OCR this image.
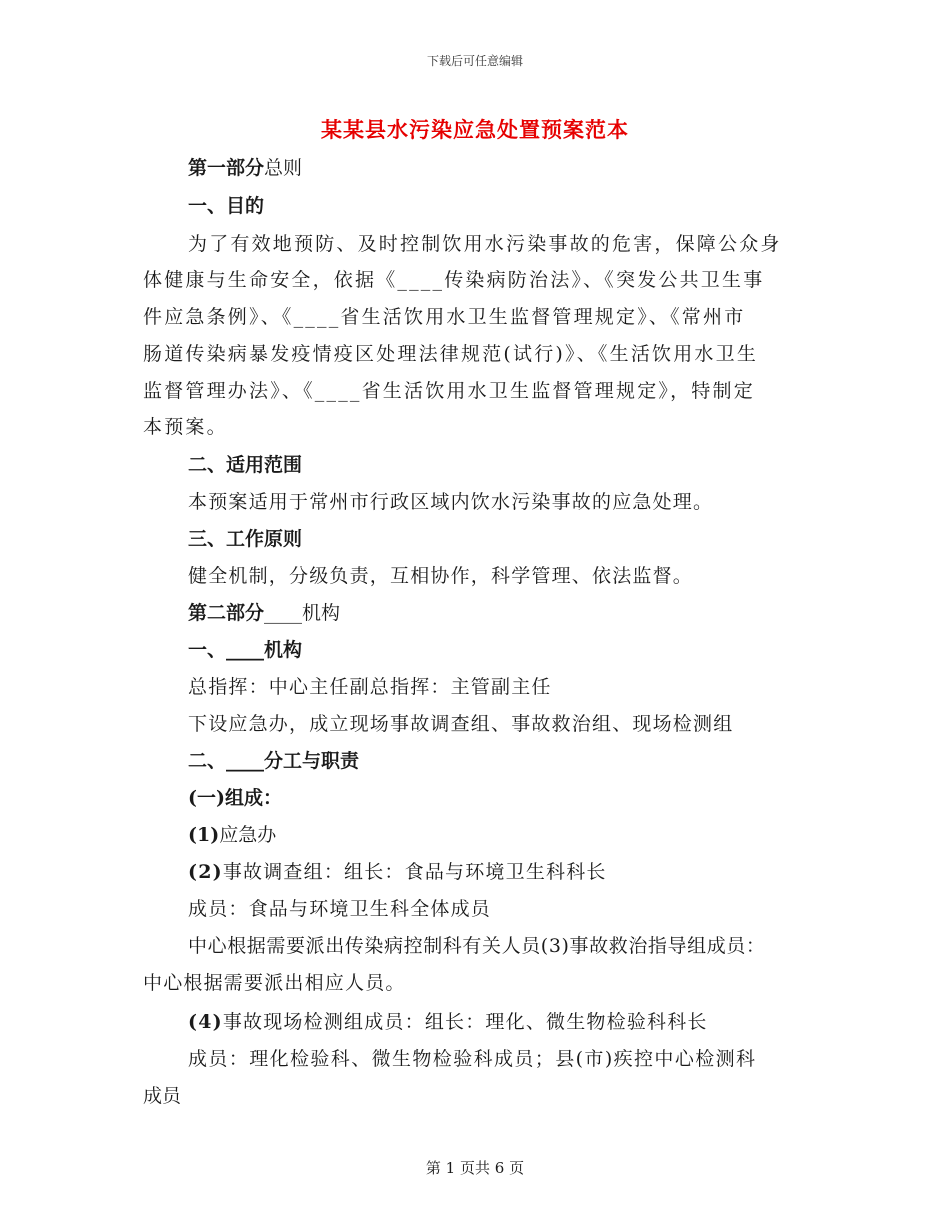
下载后可任意编辑
某某县水污染应急处置预案范本
第一部分总则
一、目的
为了有效地预防、及时控制饮用水污染事故的危害，保障公众身
体健康与生命安全，依据《____传染病防治法》、《突发公共卫生事
件应急条例》、《____省生活饮用水卫生监督管理规定》、《常州市
肠道传染病暴发疫情疫区处理法律规范(试行)》、《生活饮用水卫生
监督管理办法》、《____省生活饮用水卫生监督管理规定》，特制定
本预案。
二、适用范围
本预案适用于常州市行政区域内饮水污染事故的应急处理。
三、工作原则
健全机制，分级负责，互相协作，科学管理、依法监督。
第二部分____机构
一、____机构
总指挥：中心主任副总指挥：主管副主任
下设应急办，成立现场事故调查组、事故救治组、现场检测组
二、____分工与职责
(一)组成：
(1)应急办
(2)事故调查组：组长：食品与环境卫生科科长
成员：食品与环境卫生科全体成员
中心根据需要派出传染病控制科有关人员(3)事故救治指导组成员：
中心根据需要派出相应人员。
(4)事故现场检测组成员：组长：理化、微生物检验科科长
成员：理化检验科、微生物检验科成员；县(市)疾控中心检测科
成员
第 1 页共 6 页
